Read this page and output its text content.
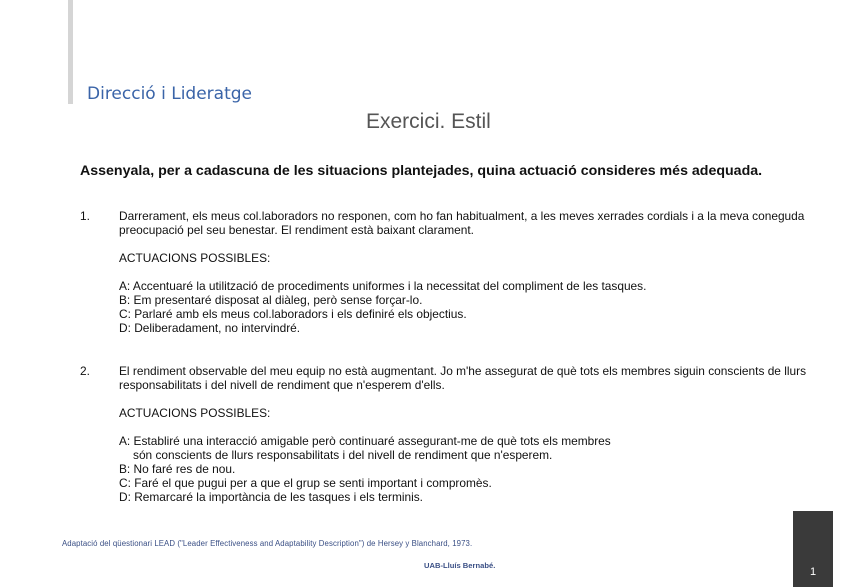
Direcció i Lideratge
Exercici. Estil
Assenyala, per a cadascuna de les situacions plantejades, quina actuació consideres més adequada.
1. Darrerament, els meus col.laboradors no responen, com ho fan habitualment, a les meves xerrades cordials i a la meva coneguda preocupació pel seu benestar. El rendiment està baixant clarament.

ACTUACIONS POSSIBLES:

A: Accentuaré la utilització de procediments uniformes i la necessitat del compliment de les tasques.
B: Em presentaré disposat al diàleg, però sense forçar-lo.
C: Parlaré amb els meus col.laboradors i els definiré els objectius.
D: Deliberadament, no intervindré.
2. El rendiment observable del meu equip no està augmentant. Jo m'he assegurat de què tots els membres siguin conscients de llurs responsabilitats i del nivell de rendiment que n'esperem d'ells.

ACTUACIONS POSSIBLES:

A: Establiré una interacció amigable però continuaré assegurant-me de què tots els membres
són conscients de llurs responsabilitats i del nivell de rendiment que n'esperem.
B: No faré res de nou.
C: Faré el que pugui per a que el grup se senti important i compromès.
D: Remarcaré la importància de les tasques i els terminis.
Adaptació del qüestionari LEAD ("Leader Effectiveness and Adaptability Description") de Hersey y Blanchard, 1973.
UAB-Lluís Bernabé.
1
